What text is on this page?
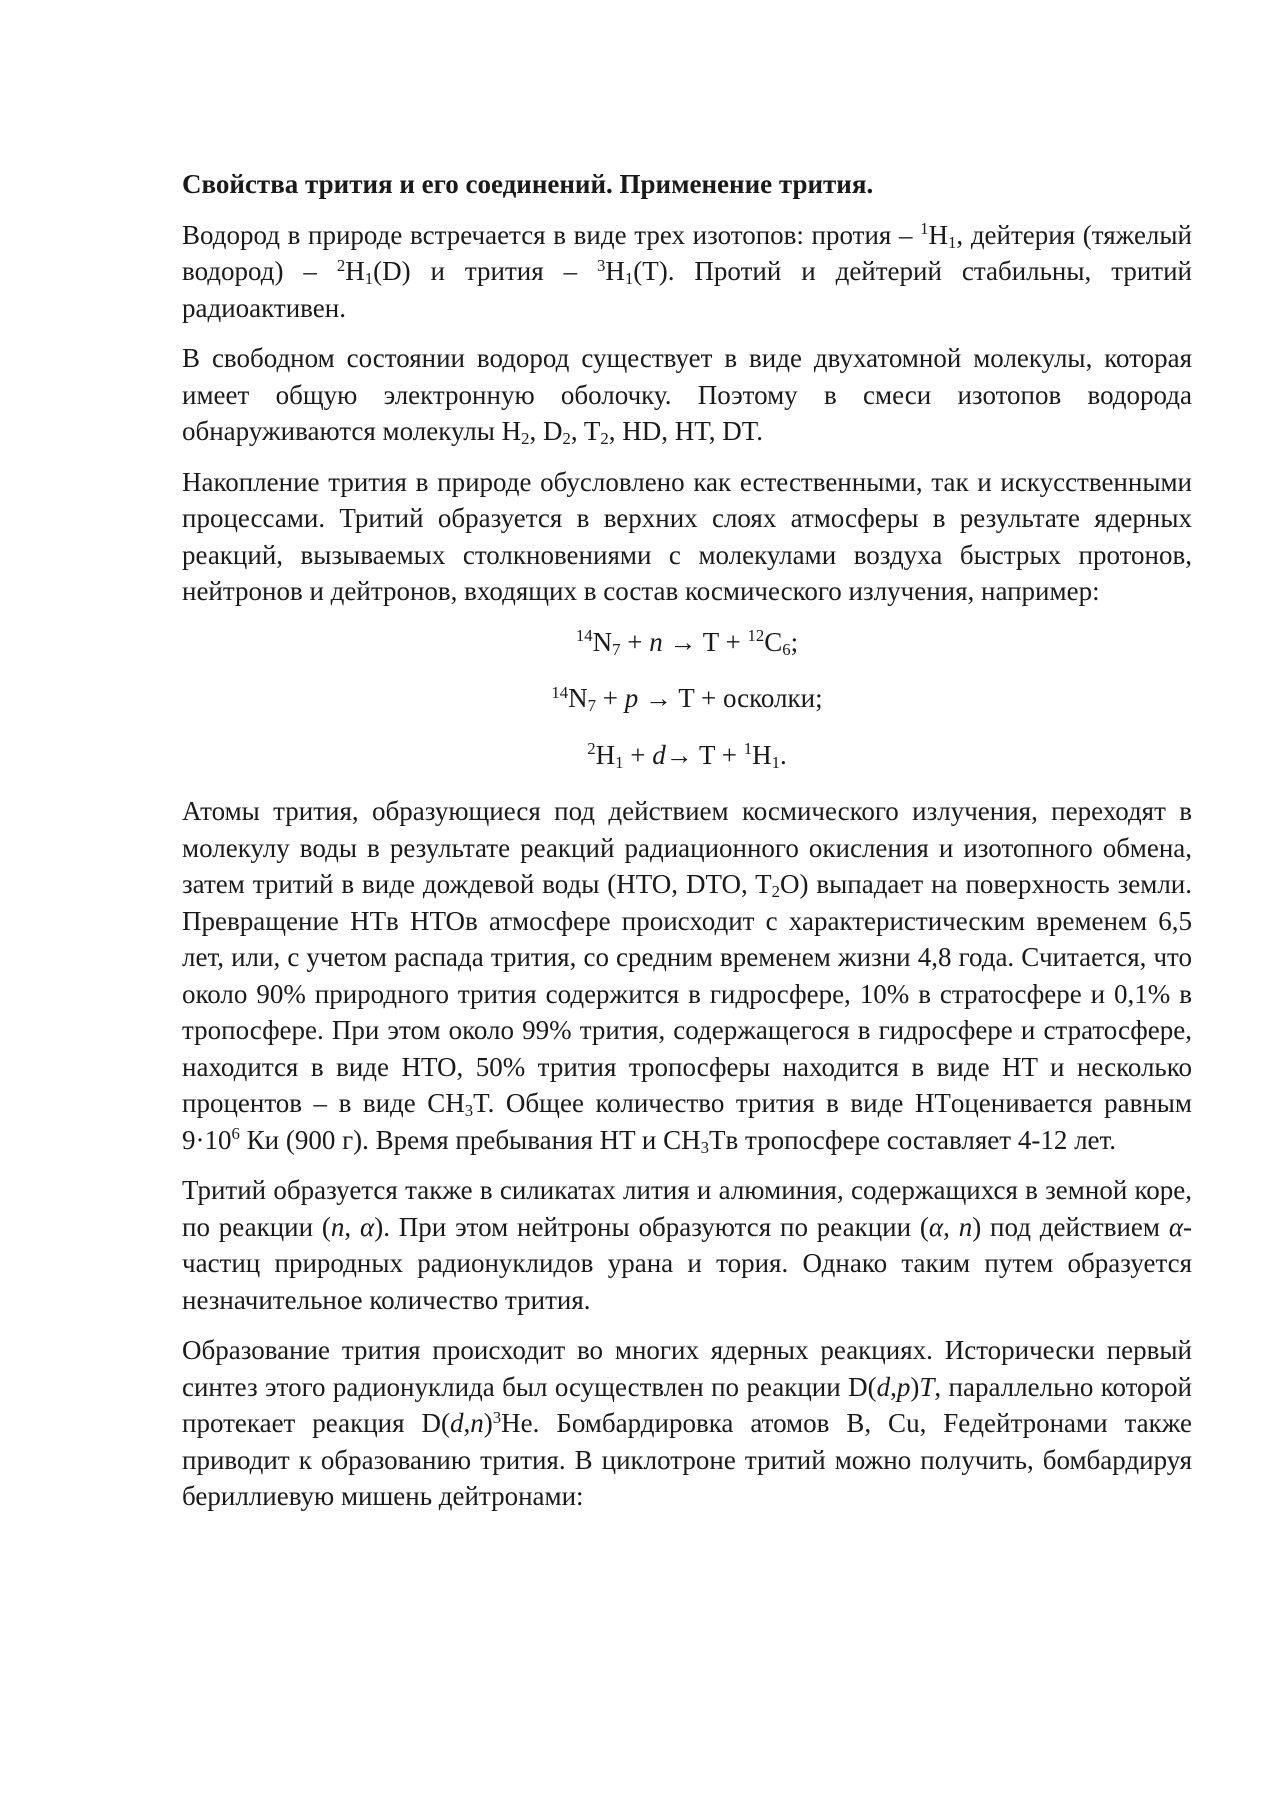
Свойства трития и его соединений. Применение трития.

Водород в природе встречается в виде трех изотопов: протия – $^1H_1$, дейтерия (тяжелый водород) – $^2H_1(D)$ и трития – $^3H_1(T)$. Протий и дейтерий стабильны, тритий радиоактивен.

В свободном состоянии водород существует в виде двухатомной молекулы, которая имеет общую электронную оболочку. Поэтому в смеси изотопов водорода обнаруживаются молекулы $H_2$, $D_2$, $T_2$, HD, HT, DT.

Накопление трития в природе обусловлено как естественными, так и искусственными процессами. Тритий образуется в верхних слоях атмосферы в результате ядерных реакций, вызываемых столкновениями с молекулами воздуха быстрых протонов, нейтронов и дейтронов, входящих в состав космического излучения, например:

$^{14}N_7 + n \to T + ^{12}C_6$;
$^{14}N_7 + p \to T$ + осколки;
$^2H_1 + d\to T + ^1H_1$.

Атомы трития, образующиеся под действием космического излучения, переходят в молекулу воды в результате реакций радиационного окисления и изотопного обмена, затем тритий в виде дождевой воды (HTO, DTO, $T_2O$) выпадает на поверхность земли. Превращение HTв HTOв атмосфере происходит с характеристическим временем 6,5 лет, или, с учетом распада трития, со средним временем жизни 4,8 года. Считается, что около 90% природного трития содержится в гидросфере, 10% в стратосфере и 0,1% в тропосфере. При этом около 99% трития, содержащегося в гидросфере и стратосфере, находится в виде HTO, 50% трития тропосферы находится в виде HT и несколько процентов – в виде $CH_3T$. Общее количество трития в виде HTоценивается равным $9\cdot 10^6$ Ки (900 г). Время пребывания HT и $CH_3Tв$ тропосфере составляет 4-12 лет.

Тритий образуется также в силикатах лития и алюминия, содержащихся в земной коре, по реакции (n, α). При этом нейтроны образуются по реакции (α, n) под действием α-частиц природных радионуклидов урана и тория. Однако таким путем образуется незначительное количество трития.

Образование трития происходит во многих ядерных реакциях. Исторически первый синтез этого радионуклида был осуществлен по реакции D(d,p)T, параллельно которой протекает реакция $D(d,n)^3He$. Бомбардировка атомов B, Cu, Feдейтронами также приводит к образованию трития. В циклотроне тритий можно получить, бомбардируя бериллиевую мишень дейтронами:
